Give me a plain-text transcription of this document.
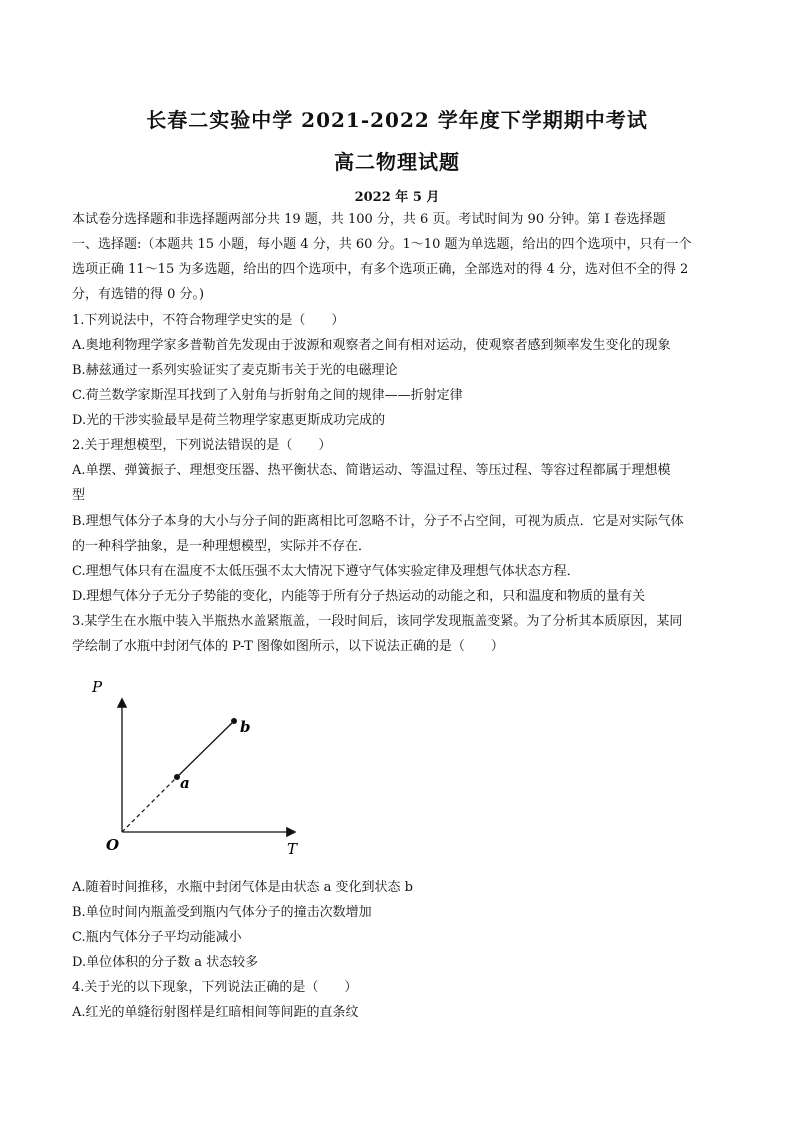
长春二实验中学 2021-2022 学年度下学期期中考试
高二物理试题
2022 年 5 月
本试卷分选择题和非选择题两部分共 19 题，共 100 分，共 6 页。考试时间为 90 分钟。第 I 卷选择题
一、选择题:（本题共 15 小题，每小题 4 分，共 60 分。1～10 题为单选题，给出的四个选项中，只有一个
选项正确 11～15 为多选题，给出的四个选项中，有多个选项正确，全部选对的得 4 分，选对但不全的得 2
分，有选错的得 0 分。)
1.下列说法中，不符合物理学史实的是（　　）
A.奥地利物理学家多普勒首先发现由于波源和观察者之间有相对运动，使观察者感到频率发生变化的现象
B.赫兹通过一系列实验证实了麦克斯韦关于光的电磁理论
C.荷兰数学家斯涅耳找到了入射角与折射角之间的规律——折射定律
D.光的干涉实验最早是荷兰物理学家惠更斯成功完成的
2.关于理想模型，下列说法错误的是（　　）
A.单摆、弹簧振子、理想变压器、热平衡状态、简谐运动、等温过程、等压过程、等容过程都属于理想模
型
B.理想气体分子本身的大小与分子间的距离相比可忽略不计，分子不占空间，可视为质点．它是对实际气体
的一种科学抽象，是一种理想模型，实际并不存在．
C.理想气体只有在温度不太低压强不太大情况下遵守气体实验定律及理想气体状态方程．
D.理想气体分子无分子势能的变化，内能等于所有分子热运动的动能之和，只和温度和物质的量有关
3.某学生在水瓶中装入半瓶热水盖紧瓶盖，一段时间后，该同学发现瓶盖变紧。为了分析其本质原因，某同
学绘制了水瓶中封闭气体的 P-T 图像如图所示，以下说法正确的是（　　）
P
T
O
a
b
A.随着时间推移，水瓶中封闭气体是由状态 a 变化到状态 b
B.单位时间内瓶盖受到瓶内气体分子的撞击次数增加
C.瓶内气体分子平均动能减小
D.单位体积的分子数 a 状态较多
4.关于光的以下现象，下列说法正确的是（　　）
A.红光的单缝衍射图样是红暗相间等间距的直条纹
